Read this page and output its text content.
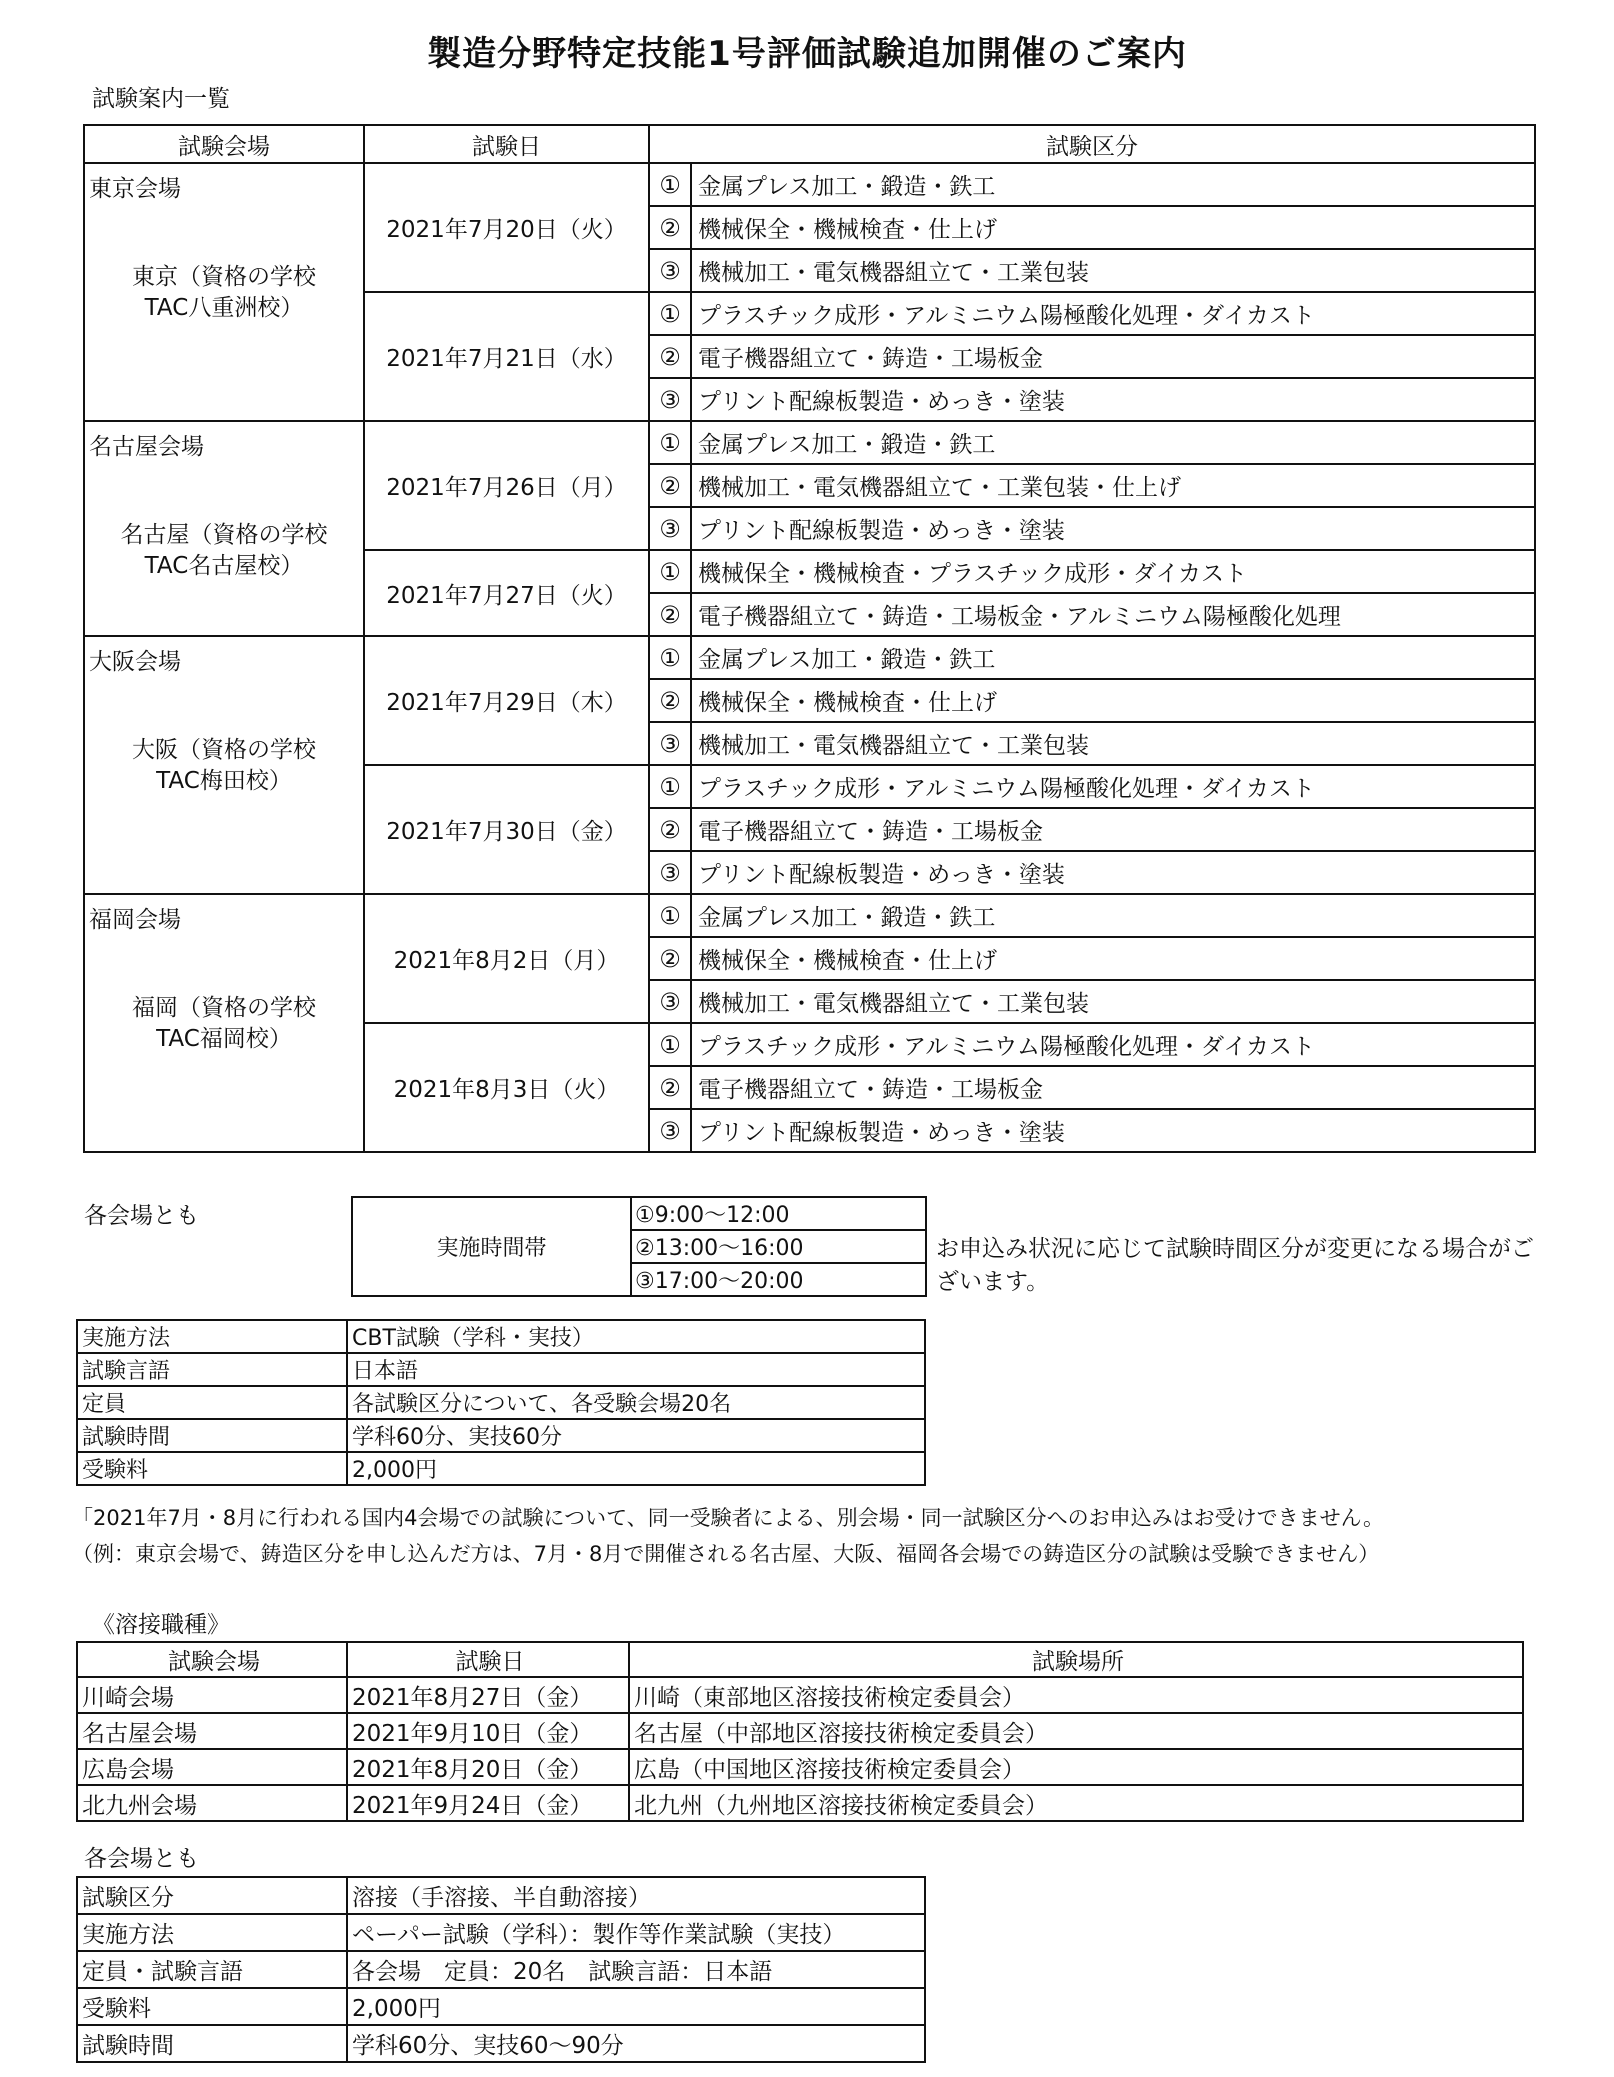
製造分野特定技能1号評価試験追加開催のご案内
試験案内一覧
試験会場	試験日	試験区分	

東京会場
東京（資格の学校
TAC八重洲校）	2021年7月20日（火）	①	金属プレス加工・鍛造・鉄工
		②	機械保全・機械検査・仕上げ
		③	機械加工・電気機器組立て・工業包装
	2021年7月21日（水）	①	プラスチック成形・アルミニウム陽極酸化処理・ダイカスト
		②	電子機器組立て・鋳造・工場板金
		③	プリント配線板製造・めっき・塗装

名古屋会場
名古屋（資格の学校
TAC名古屋校）	2021年7月26日（月）	①	金属プレス加工・鍛造・鉄工
		②	機械加工・電気機器組立て・工業包装・仕上げ
		③	プリント配線板製造・めっき・塗装
	2021年7月27日（火）	①	機械保全・機械検査・プラスチック成形・ダイカスト
		②	電子機器組立て・鋳造・工場板金・アルミニウム陽極酸化処理

大阪会場
大阪（資格の学校
TAC梅田校）	2021年7月29日（木）	①	金属プレス加工・鍛造・鉄工
		②	機械保全・機械検査・仕上げ
		③	機械加工・電気機器組立て・工業包装
	2021年7月30日（金）	①	プラスチック成形・アルミニウム陽極酸化処理・ダイカスト
		②	電子機器組立て・鋳造・工場板金
		③	プリント配線板製造・めっき・塗装

福岡会場
福岡（資格の学校
TAC福岡校）	2021年8月2日（月）	①	金属プレス加工・鍛造・鉄工
		②	機械保全・機械検査・仕上げ
		③	機械加工・電気機器組立て・工業包装
	2021年8月3日（火）	①	プラスチック成形・アルミニウム陽極酸化処理・ダイカスト
		②	電子機器組立て・鋳造・工場板金
		③	プリント配線板製造・めっき・塗装
各会場とも
実施時間帯	①9:00～12:00
②13:00～16:00
③17:00～20:00
お申込み状況に応じて試験時間区分が変更になる場合がございます。
実施方法	CBT試験（学科・実技）
試験言語	日本語
定員	各試験区分について、各受験会場20名
試験時間	学科60分、実技60分
受験料	2,000円
「2021年7月・8月に行われる国内4会場での試験について、同一受験者による、別会場・同一試験区分へのお申込みはお受けできません。
（例：東京会場で、鋳造区分を申し込んだ方は、7月・8月で開催される名古屋、大阪、福岡各会場での鋳造区分の試験は受験できません）
《溶接職種》
試験会場	試験日	試験場所
川崎会場	2021年8月27日（金）	川崎（東部地区溶接技術検定委員会）
名古屋会場	2021年9月10日（金）	名古屋（中部地区溶接技術検定委員会）
広島会場	2021年8月20日（金）	広島（中国地区溶接技術検定委員会）
北九州会場	2021年9月24日（金）	北九州（九州地区溶接技術検定委員会）
各会場とも
試験区分	溶接（手溶接、半自動溶接）
実施方法	ペーパー試験（学科）：製作等作業試験（実技）
定員・試験言語	各会場　定員：20名　試験言語：日本語
受験料	2,000円
試験時間	学科60分、実技60～90分
